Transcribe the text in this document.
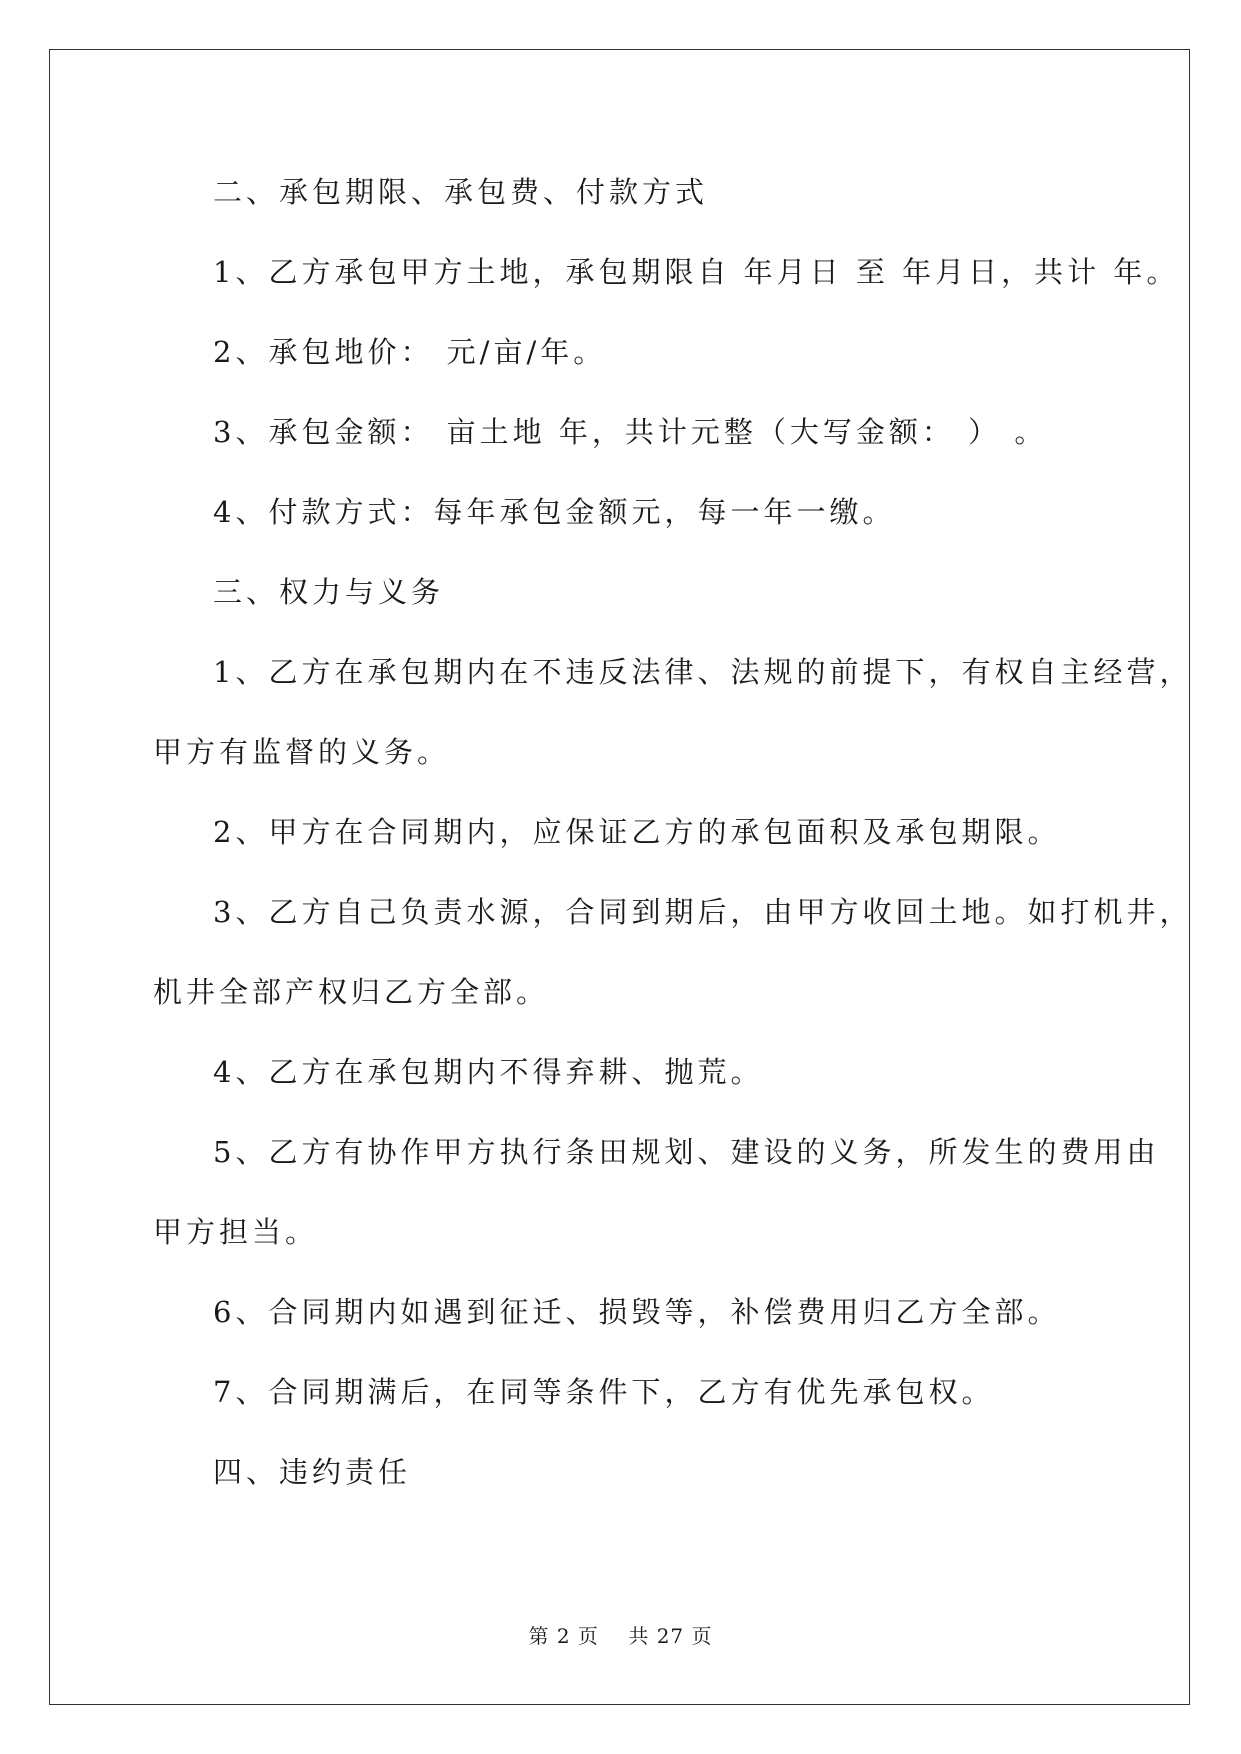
二、承包期限、承包费、付款方式

1、乙方承包甲方土地，承包期限自 年月日 至 年月日，共计 年。

2、承包地价： 元/亩/年。

3、承包金额： 亩土地 年，共计元整（大写金额： ） 。

4、付款方式：每年承包金额元，每一年一缴。

三、权力与义务

1、乙方在承包期内在不违反法律、法规的前提下，有权自主经营，

甲方有监督的义务。

2、甲方在合同期内，应保证乙方的承包面积及承包期限。

3、乙方自己负责水源，合同到期后，由甲方收回土地。如打机井，

机井全部产权归乙方全部。

4、乙方在承包期内不得弃耕、抛荒。

5、乙方有协作甲方执行条田规划、建设的义务，所发生的费用由

甲方担当。

6、合同期内如遇到征迁、损毁等，补偿费用归乙方全部。

7、合同期满后，在同等条件下，乙方有优先承包权。

四、违约责任

第 2 页    共 27 页
